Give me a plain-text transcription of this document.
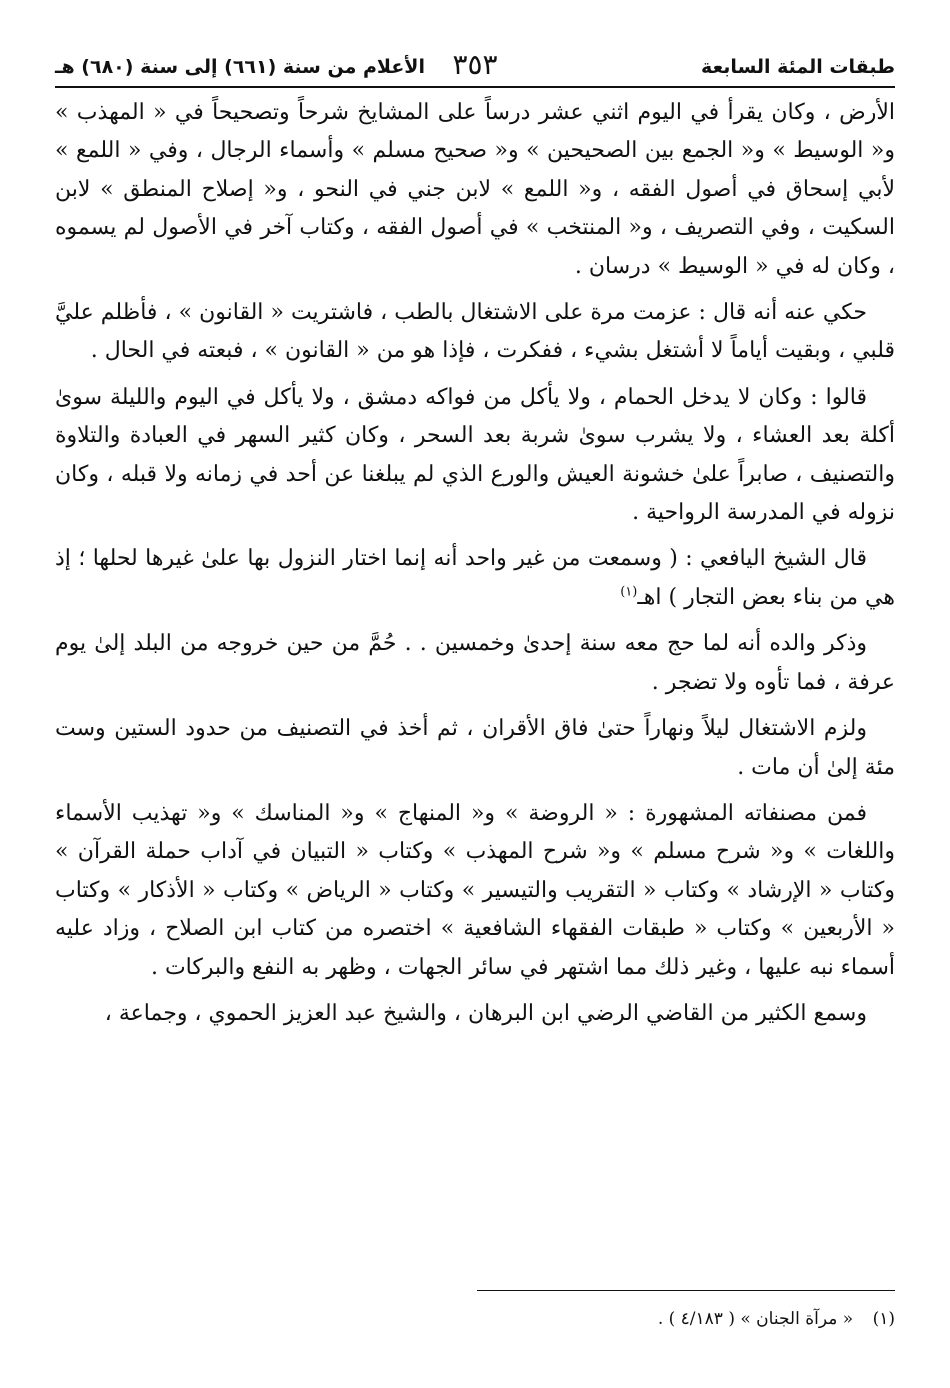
طبقات المئة السابعة
٣٥٣
الأعلام من سنة (٦٦١) إلى سنة (٦٨٠) هـ

الأرض ، وكان يقرأ في اليوم اثني عشر درساً على المشايخ شرحاً وتصحيحاً في « المهذب » و« الوسيط » و« الجمع بين الصحيحين » و« صحيح مسلم » وأسماء الرجال ، وفي « اللمع » لأبي إسحاق في أصول الفقه ، و« اللمع » لابن جني في النحو ، و« إصلاح المنطق » لابن السكيت ، وفي التصريف ، و« المنتخب » في أصول الفقه ، وكتاب آخر في الأصول لم يسموه ، وكان له في « الوسيط » درسان .

حكي عنه أنه قال : عزمت مرة على الاشتغال بالطب ، فاشتريت « القانون » ، فأظلم عليَّ قلبي ، وبقيت أياماً لا أشتغل بشيء ، ففكرت ، فإذا هو من « القانون » ، فبعته في الحال .

قالوا : وكان لا يدخل الحمام ، ولا يأكل من فواكه دمشق ، ولا يأكل في اليوم والليلة سوىٰ أكلة بعد العشاء ، ولا يشرب سوىٰ شربة بعد السحر ، وكان كثير السهر في العبادة والتلاوة والتصنيف ، صابراً علىٰ خشونة العيش والورع الذي لم يبلغنا عن أحد في زمانه ولا قبله ، وكان نزوله في المدرسة الرواحية .

قال الشيخ اليافعي : ( وسمعت من غير واحد أنه إنما اختار النزول بها علىٰ غيرها لحلها ؛ إذ هي من بناء بعض التجار ) اهـ$^{(١)}$

وذكر والده أنه لما حج معه سنة إحدىٰ وخمسين . . حُمَّ من حين خروجه من البلد إلىٰ يوم عرفة ، فما تأوه ولا تضجر .

ولزم الاشتغال ليلاً ونهاراً حتىٰ فاق الأقران ، ثم أخذ في التصنيف من حدود الستين وست مئة إلىٰ أن مات .

فمن مصنفاته المشهورة : « الروضة » و« المنهاج » و« المناسك » و« تهذيب الأسماء واللغات » و« شرح مسلم » و« شرح المهذب » وكتاب « التبيان في آداب حملة القرآن » وكتاب « الإرشاد » وكتاب « التقريب والتيسير » وكتاب « الرياض » وكتاب « الأذكار » وكتاب « الأربعين » وكتاب « طبقات الفقهاء الشافعية » اختصره من كتاب ابن الصلاح ، وزاد عليه أسماء نبه عليها ، وغير ذلك مما اشتهر في سائر الجهات ، وظهر به النفع والبركات .

وسمع الكثير من القاضي الرضي ابن البرهان ، والشيخ عبد العزيز الحموي ، وجماعة ،

(١) « مرآة الجنان » ( ٤/١٨٣ ) .
